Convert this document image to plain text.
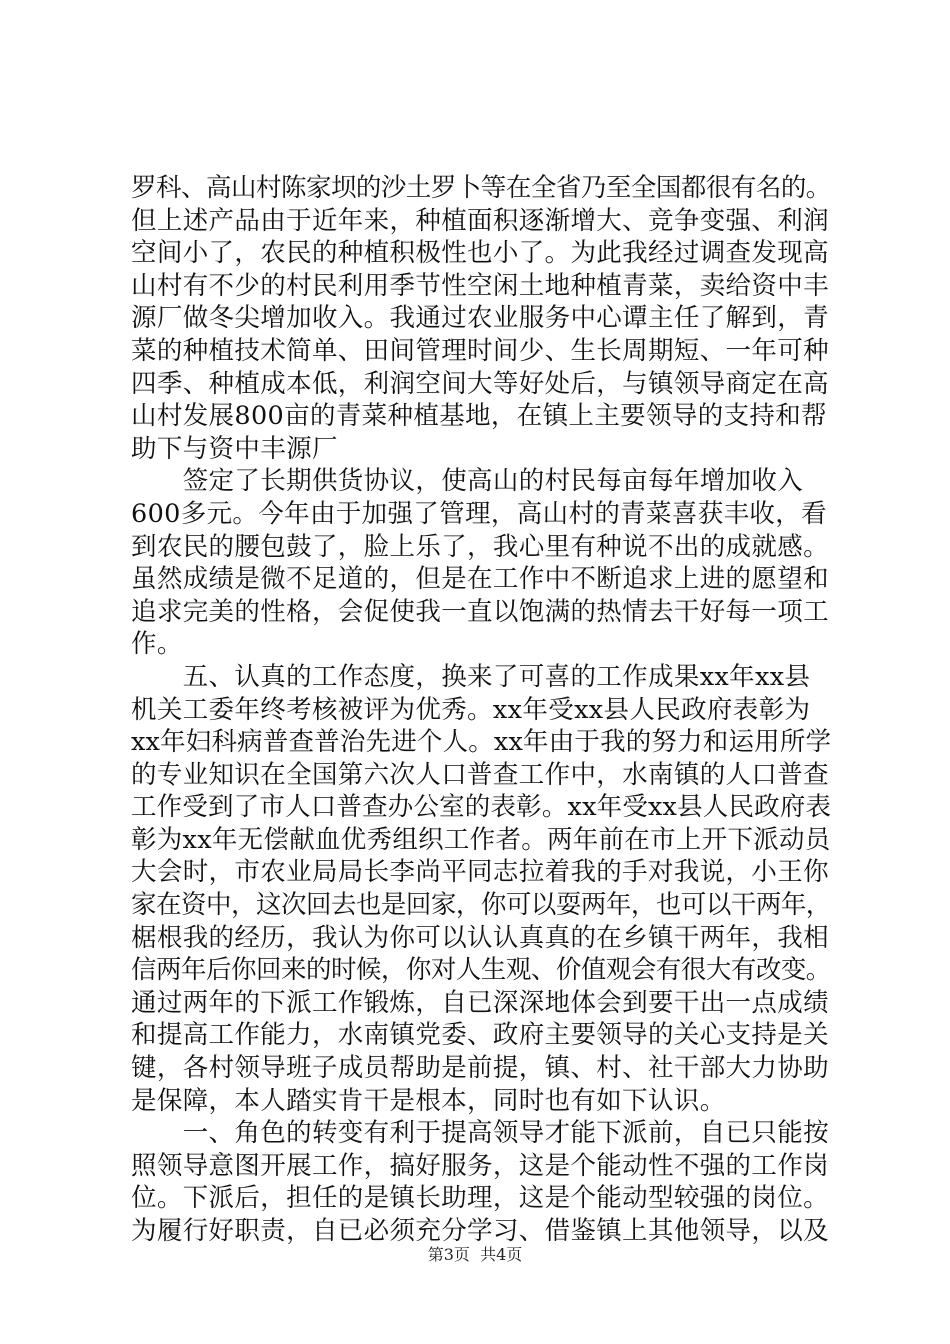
罗科、高山村陈家坝的沙土罗卜等在全省乃至全国都很有名的。
但上述产品由于近年来，种植面积逐渐增大、竞争变强、利润
空间小了，农民的种植积极性也小了。为此我经过调查发现高
山村有不少的村民利用季节性空闲土地种植青菜，卖给资中丰
源厂做冬尖增加收入。我通过农业服务中心谭主任了解到，青
菜的种植技术简单、田间管理时间少、生长周期短、一年可种
四季、种植成本低，利润空间大等好处后，与镇领导商定在高
山村发展800亩的青菜种植基地，在镇上主要领导的支持和帮
助下与资中丰源厂
　　签定了长期供货协议，使高山的村民每亩每年增加收入
600多元。今年由于加强了管理，高山村的青菜喜获丰收，看
到农民的腰包鼓了，脸上乐了，我心里有种说不出的成就感。
虽然成绩是微不足道的，但是在工作中不断追求上进的愿望和
追求完美的性格，会促使我一直以饱满的热情去干好每一项工
作。
　　五、认真的工作态度，换来了可喜的工作成果xx年xx县
机关工委年终考核被评为优秀。xx年受xx县人民政府表彰为
xx年妇科病普查普治先进个人。xx年由于我的努力和运用所学
的专业知识在全国第六次人口普查工作中，水南镇的人口普查
工作受到了市人口普查办公室的表彰。xx年受xx县人民政府表
彰为xx年无偿献血优秀组织工作者。两年前在市上开下派动员
大会时，市农业局局长李尚平同志拉着我的手对我说，小王你
家在资中，这次回去也是回家，你可以耍两年，也可以干两年，
椐根我的经历，我认为你可以认认真真的在乡镇干两年，我相
信两年后你回来的时候，你对人生观、价值观会有很大有改变。
通过两年的下派工作锻炼，自已深深地体会到要干出一点成绩
和提高工作能力，水南镇党委、政府主要领导的关心支持是关
键，各村领导班子成员帮助是前提，镇、村、社干部大力协助
是保障，本人踏实肯干是根本，同时也有如下认识。
　　一、角色的转变有利于提高领导才能下派前，自已只能按
照领导意图开展工作，搞好服务，这是个能动性不强的工作岗
位。下派后，担任的是镇长助理，这是个能动型较强的岗位。
为履行好职责，自已必须充分学习、借鉴镇上其他领导，以及
第3页  共4页
